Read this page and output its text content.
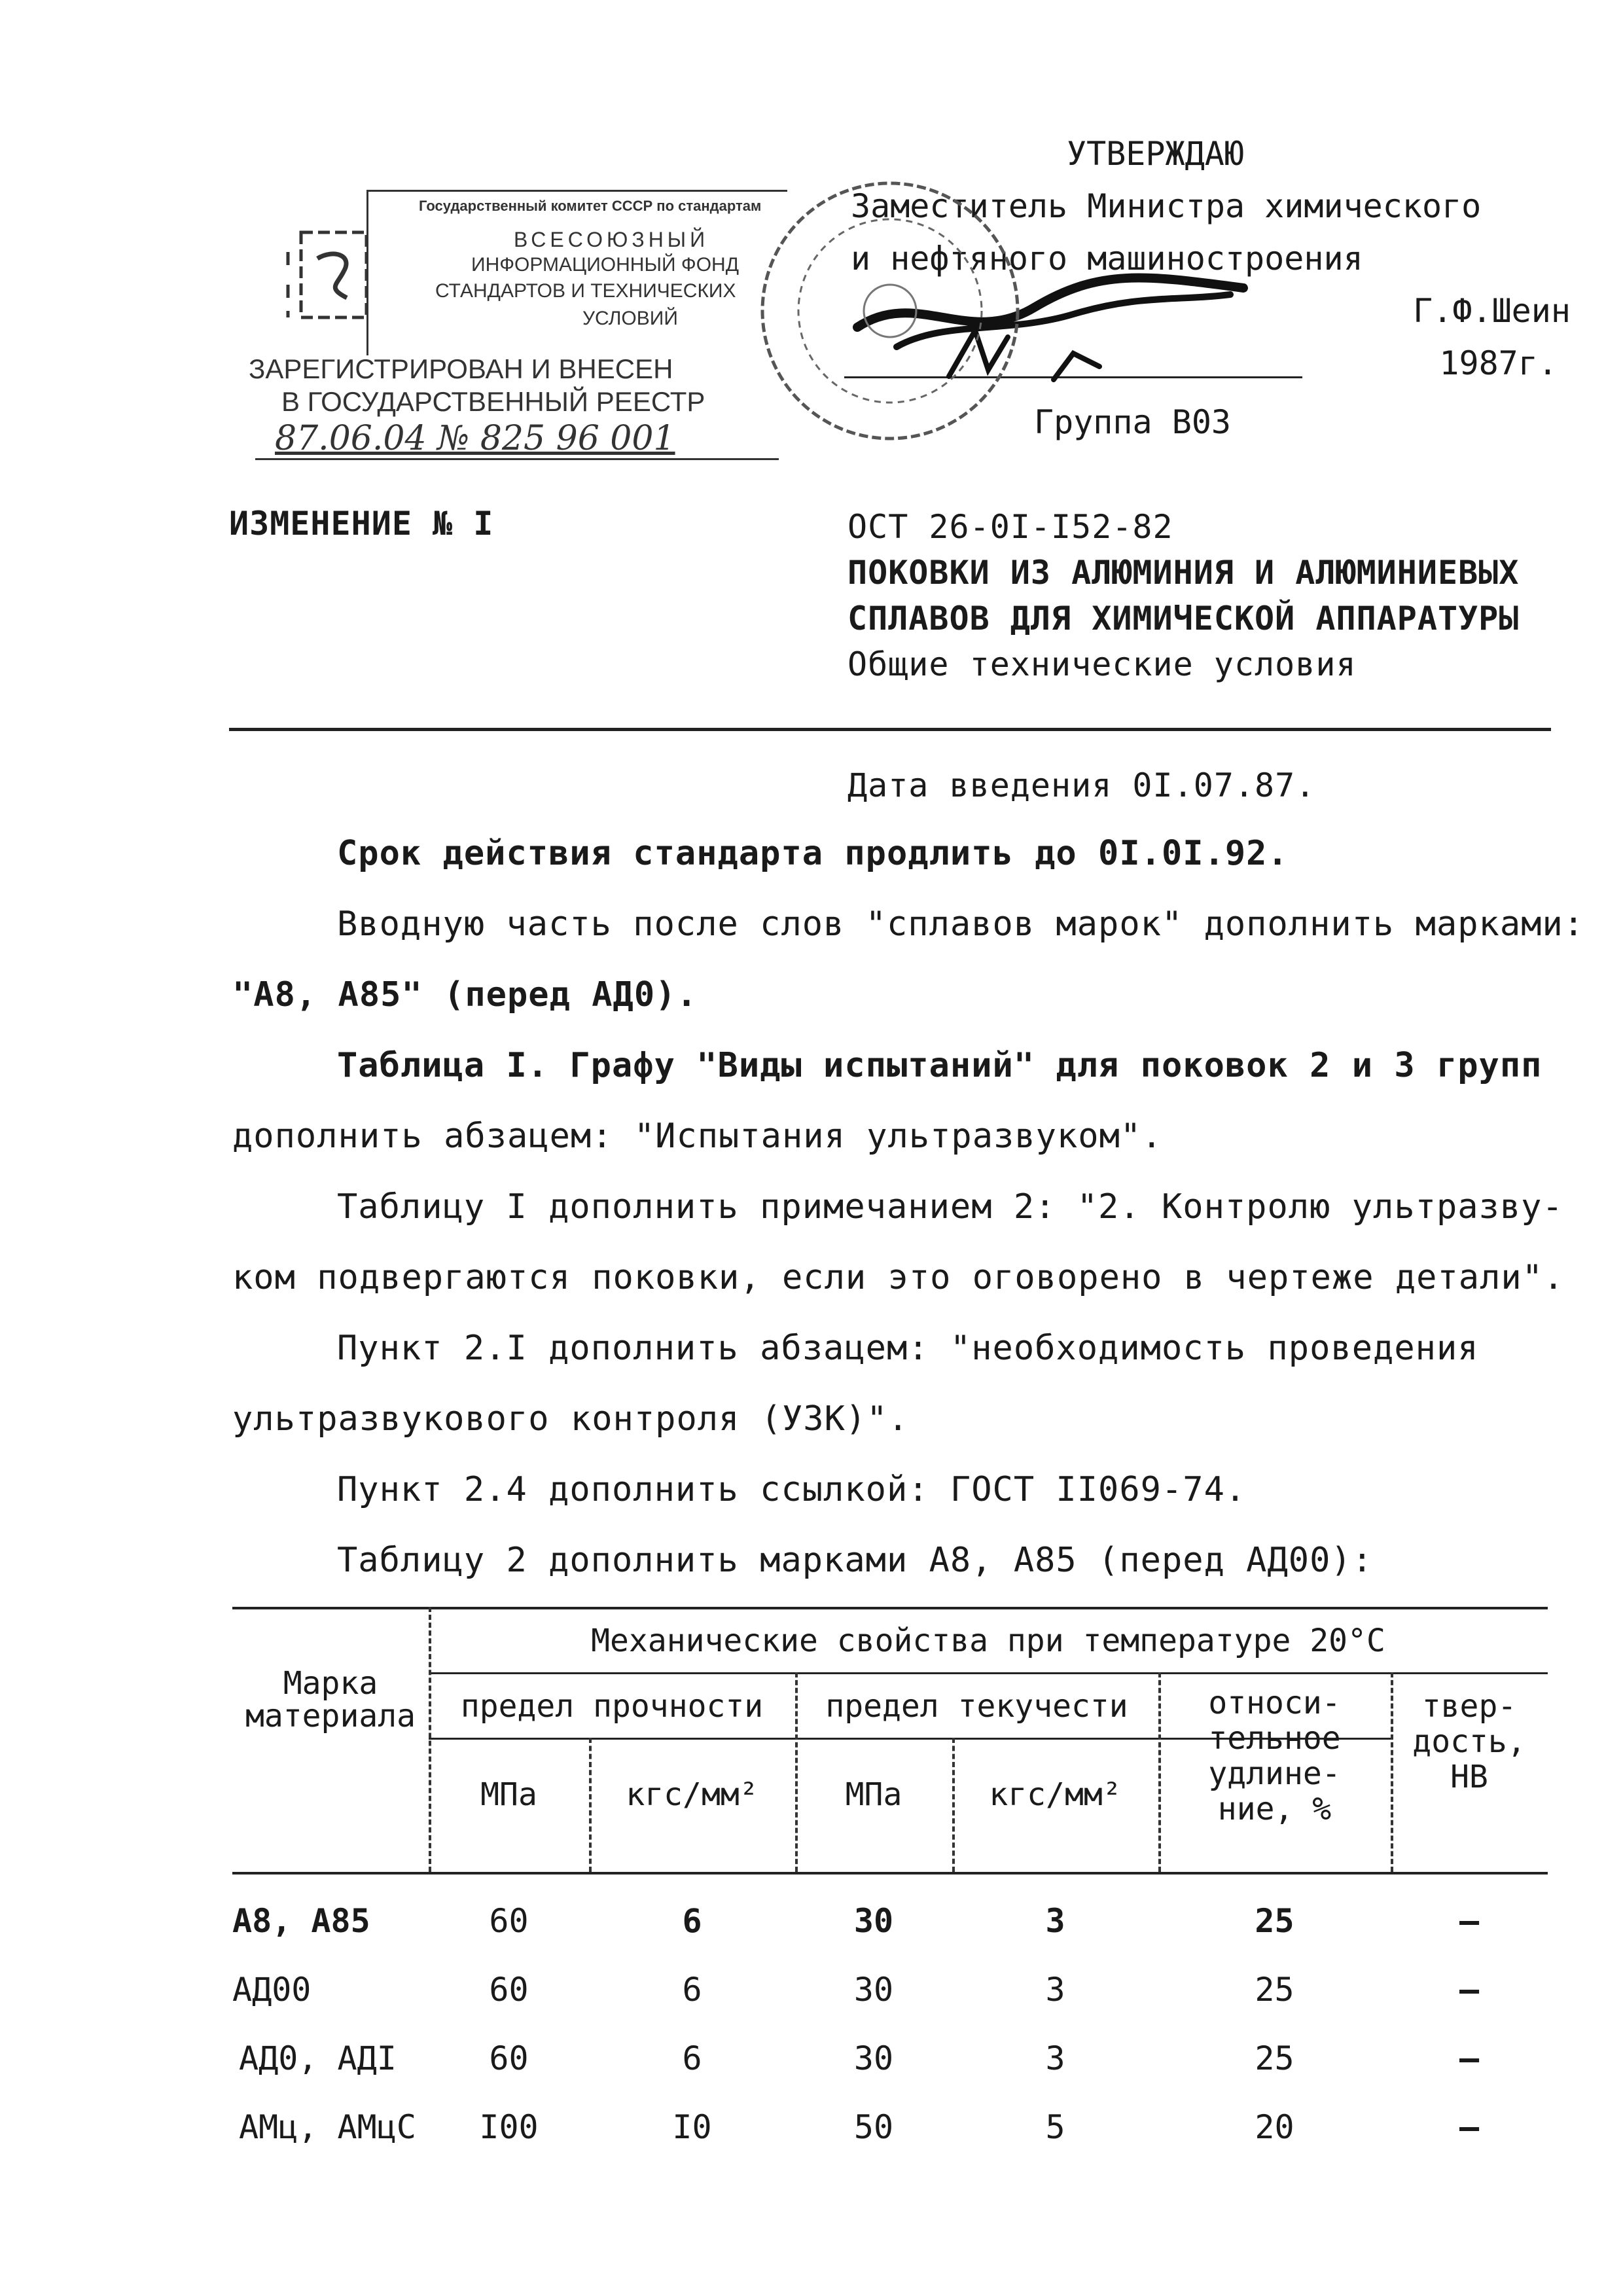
УТВЕРЖДАЮ
Заместитель Министра химического
и нефтяного машиностроения
Г.Ф.Шеин
1987г.
Группа В03
Государственный комитет СССР по стандартам
ВСЕСОЮЗНЫЙ
ИНФОРМАЦИОННЫЙ ФОНД
СТАНДАРТОВ И ТЕХНИЧЕСКИХ
УСЛОВИЙ
ЗАРЕГИСТРИРОВАН И ВНЕСЕН
В ГОСУДАРСТВЕННЫЙ РЕЕСТР
87.06.04 № 825 96 001
ИЗМЕНЕНИЕ № I	ОСТ 26-0I-I52-82
ПОКОВКИ ИЗ АЛЮМИНИЯ И АЛЮМИНИЕВЫХ
СПЛАВОВ ДЛЯ ХИМИЧЕСКОЙ АППАРАТУРЫ
Общие технические условия
Дата введения 0I.07.87.

Срок действия стандарта продлить до 0I.0I.92.

Вводную часть после слов "сплавов марок" дополнить марками:

"А8, А85" (перед АД0).

Таблица I. Графу "Виды испытаний" для поковок 2 и 3 групп

дополнить абзацем: "Испытания ультразвуком".

Таблицу I дополнить примечанием 2: "2. Контролю ультразву-

ком подвергаются поковки, если это оговорено в чертеже детали".

Пункт 2.I дополнить абзацем: "необходимость проведения

ультразвукового контроля (УЗК)".

Пункт 2.4 дополнить ссылкой: ГОСТ II069-74.

Таблицу 2 дополнить марками А8, А85 (перед АД00):

Марка
материала
Механические свойства при температуре 20°С
предел прочности	предел текучести	относи-
тельное
удлине-
ние, %
твер-
дость,
НВ
МПа	кгс/мм²	МПа	кгс/мм²
А8, А85	60	6	30	3	25	–
АД00	60	6	30	3	25	–
АД0, АДI	60	6	30	3	25	–
АМц, АМцС	I00	I0	50	5	20	–
